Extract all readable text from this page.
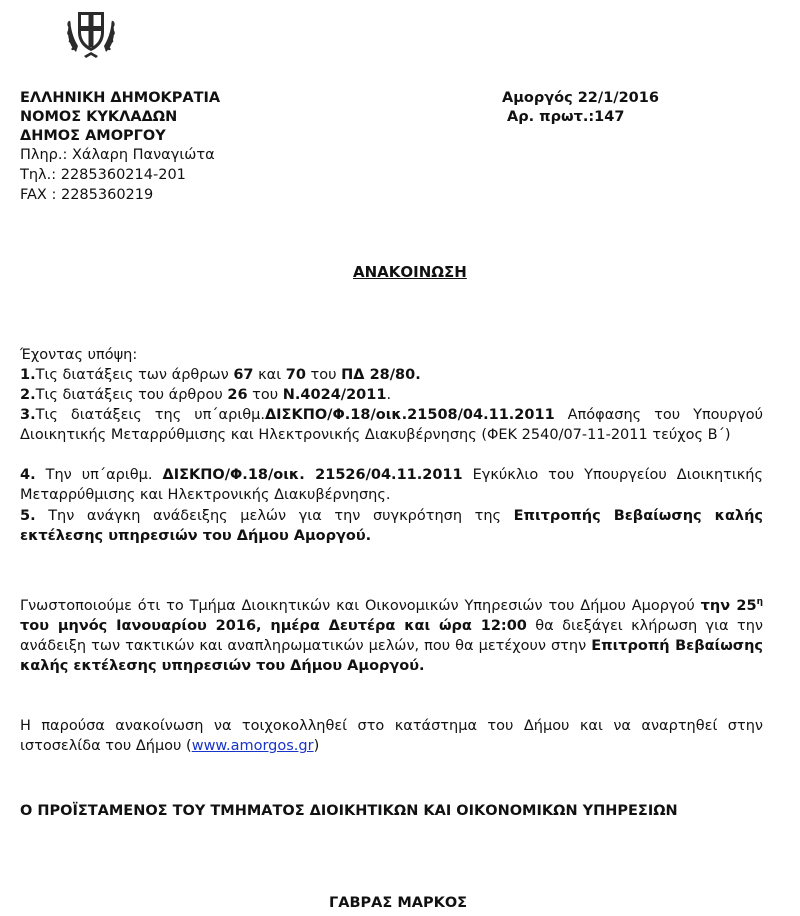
ΕΛΛΗΝΙΚΗ ΔΗΜΟΚΡΑΤΙΑ
ΝΟΜΟΣ ΚΥΚΛΑΔΩΝ
ΔΗΜΟΣ ΑΜΟΡΓΟΥ
Πληρ.: Χάλαρη Παναγιώτα
Τηλ.: 2285360214-201
FAX : 2285360219
Αμοργός 22/1/2016
Αρ. πρωτ.:147
ΑΝΑΚΟΙΝΩΣΗ
Έχοντας υπόψη:
1.Τις διατάξεις των άρθρων 67 και 70 του ΠΔ 28/80.
2.Τις διατάξεις του άρθρου 26 του Ν.4024/2011.
3.Τις διατάξεις της υπ΄αριθμ.ΔΙΣΚΠΟ/Φ.18/οικ.21508/04.11.2011 Απόφασης του Υπουργού Διοικητικής Μεταρρύθμισης και Ηλεκτρονικής Διακυβέρνησης (ΦΕΚ 2540/07-11-2011 τεύχος Β΄)
4. Την υπ΄αριθμ. ΔΙΣΚΠΟ/Φ.18/οικ. 21526/04.11.2011 Εγκύκλιο του Υπουργείου Διοικητικής Μεταρρύθμισης και Ηλεκτρονικής Διακυβέρνησης.
5. Την ανάγκη ανάδειξης μελών για την συγκρότηση της Επιτροπής Βεβαίωσης καλής εκτέλεσης υπηρεσιών του Δήμου Αμοργού.
Γνωστοποιούμε ότι το Τμήμα Διοικητικών και Οικονομικών Υπηρεσιών του Δήμου Αμοργού την $25^\eta$ του μηνός Ιανουαρίου 2016, ημέρα Δευτέρα και ώρα 12:00 θα διεξάγει κλήρωση για την ανάδειξη των τακτικών και αναπληρωματικών μελών, που θα μετέχουν στην Επιτροπή Βεβαίωσης καλής εκτέλεσης υπηρεσιών του Δήμου Αμοργού.
Η παρούσα ανακοίνωση να τοιχοκολληθεί στο κατάστημα του Δήμου και να αναρτηθεί στην ιστοσελίδα του Δήμου (www.amorgos.gr)
Ο ΠΡΟΪΣΤΑΜΕΝΟΣ ΤΟΥ ΤΜΗΜΑΤΟΣ ΔΙΟΙΚΗΤΙΚΩΝ ΚΑΙ ΟΙΚΟΝΟΜΙΚΩΝ ΥΠΗΡΕΣΙΩΝ
ΓΑΒΡΑΣ ΜΑΡΚΟΣ
